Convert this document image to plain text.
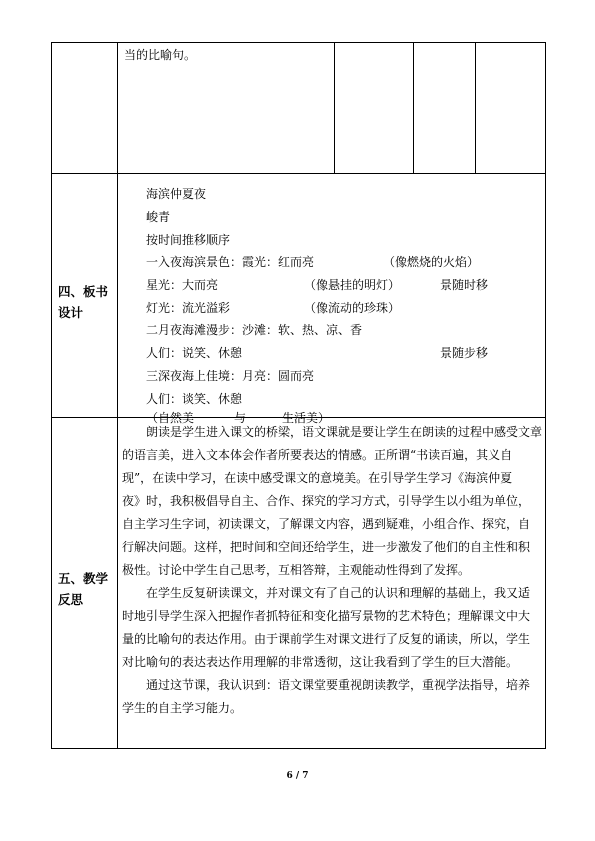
当的比喻句。
四、板书
设计
海滨仲夏夜
峻青
按时间推移顺序
一入夜海滨景色：霞光：红而亮	（像燃烧的火焰）
星光：大而亮	（像悬挂的明灯）	景随时移
灯光：流光溢彩	（像流动的珍珠）
二月夜海滩漫步：沙滩：软、热、凉、香
人们：说笑、休憩	景随步移
三深夜海上佳境：月亮：圆而亮
人们：谈笑、休憩
（自然美	与	生活美）
五、教学
反思
朗读是学生进入课文的桥梁，语文课就是要让学生在朗读的过程中感受文章
的语言美，进入文本体会作者所要表达的情感。正所谓“书读百遍，其义自
现”，在读中学习，在读中感受课文的意境美。在引导学生学习《海滨仲夏
夜》时，我积极倡导自主、合作、探究的学习方式，引导学生以小组为单位，
自主学习生字词，初读课文，了解课文内容，遇到疑难，小组合作、探究，自
行解决问题。这样，把时间和空间还给学生，进一步激发了他们的自主性和积
极性。讨论中学生自己思考，互相答辩，主观能动性得到了发挥。
在学生反复研读课文，并对课文有了自己的认识和理解的基础上，我又适
时地引导学生深入把握作者抓特征和变化描写景物的艺术特色；理解课文中大
量的比喻句的表达作用。由于课前学生对课文进行了反复的诵读，所以，学生
对比喻句的表达表达作用理解的非常透彻，这让我看到了学生的巨大潜能。
通过这节课，我认识到：语文课堂要重视朗读教学，重视学法指导，培养
学生的自主学习能力。
6 / 7
